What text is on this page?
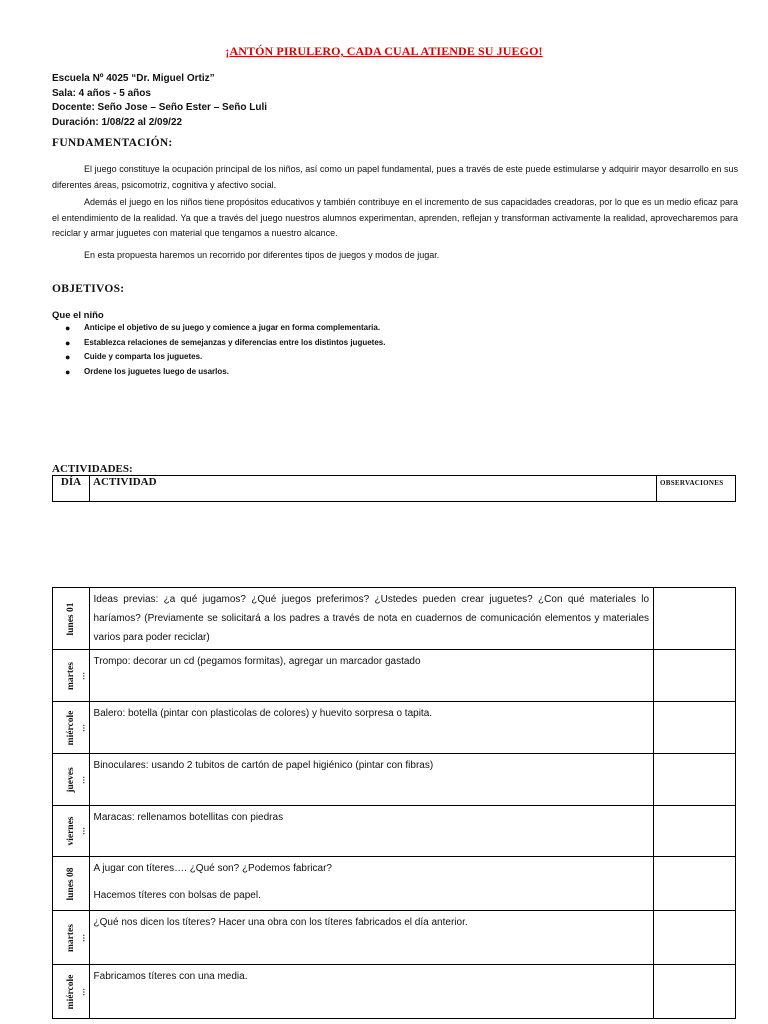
¡ANTÓN PIRULERO, CADA CUAL ATIENDE SU JUEGO!
Escuela Nº 4025 “Dr. Miguel Ortiz”
Sala: 4 años - 5 años
Docente: Seño Jose – Seño Ester – Seño Luli
Duración: 1/08/22 al 2/09/22
FUNDAMENTACIÓN:

El juego constituye la ocupación principal de los niños, así como un papel fundamental, pues a través de este puede estimularse y adquirir mayor desarrollo en sus diferentes áreas, psicomotriz, cognitiva y afectivo social.

Además el juego en los niños tiene propósitos educativos y también contribuye en el incremento de sus capacidades creadoras, por lo que es un medio eficaz para el entendimiento de la realidad. Ya que a través del juego nuestros alumnos experimentan, aprenden, reflejan y transforman activamente la realidad, aprovecharemos para reciclar y armar juguetes con material que tengamos a nuestro alcance.

En esta propuesta haremos un recorrido por diferentes tipos de juegos y modos de jugar.

OBJETIVOS:
Que el niño
● Anticipe el objetivo de su juego y comience a jugar en forma complementaria.
● Establezca relaciones de semejanzas y diferencias entre los distintos juguetes.
● Cuide y comparta los juguetes.
● Ordene los juguetes luego de usarlos.
ACTIVIDADES:
DÍA	ACTIVIDAD	OBSERVACIONES
lunes 01	Ideas previas: ¿a qué jugamos? ¿Qué juegos preferimos? ¿Ustedes pueden crear juguetes? ¿Con qué materiales lo haríamos? (Previamente se solicitará a los padres a través de nota en cuadernos de comunicación elementos y materiales varios para poder reciclar)	

martes …	Trompo: decorar un cd (pegamos formitas), agregar un marcador gastado	

miércole …	Balero: botella (pintar con plasticolas de colores) y huevito sorpresa o tapita.	

jueves …	Binoculares: usando 2 tubitos de cartón de papel higiénico (pintar con fibras)	

viernes …	Maracas: rellenamos botellitas con piedras	

lunes 08	A jugar con títeres…. ¿Qué son? ¿Podemos fabricar?

Hacemos títeres con bolsas de papel.	

martes …	¿Qué nos dicen los títeres? Hacer una obra con los títeres fabricados el día anterior.	

miércole …	Fabricamos títeres con una media.	
